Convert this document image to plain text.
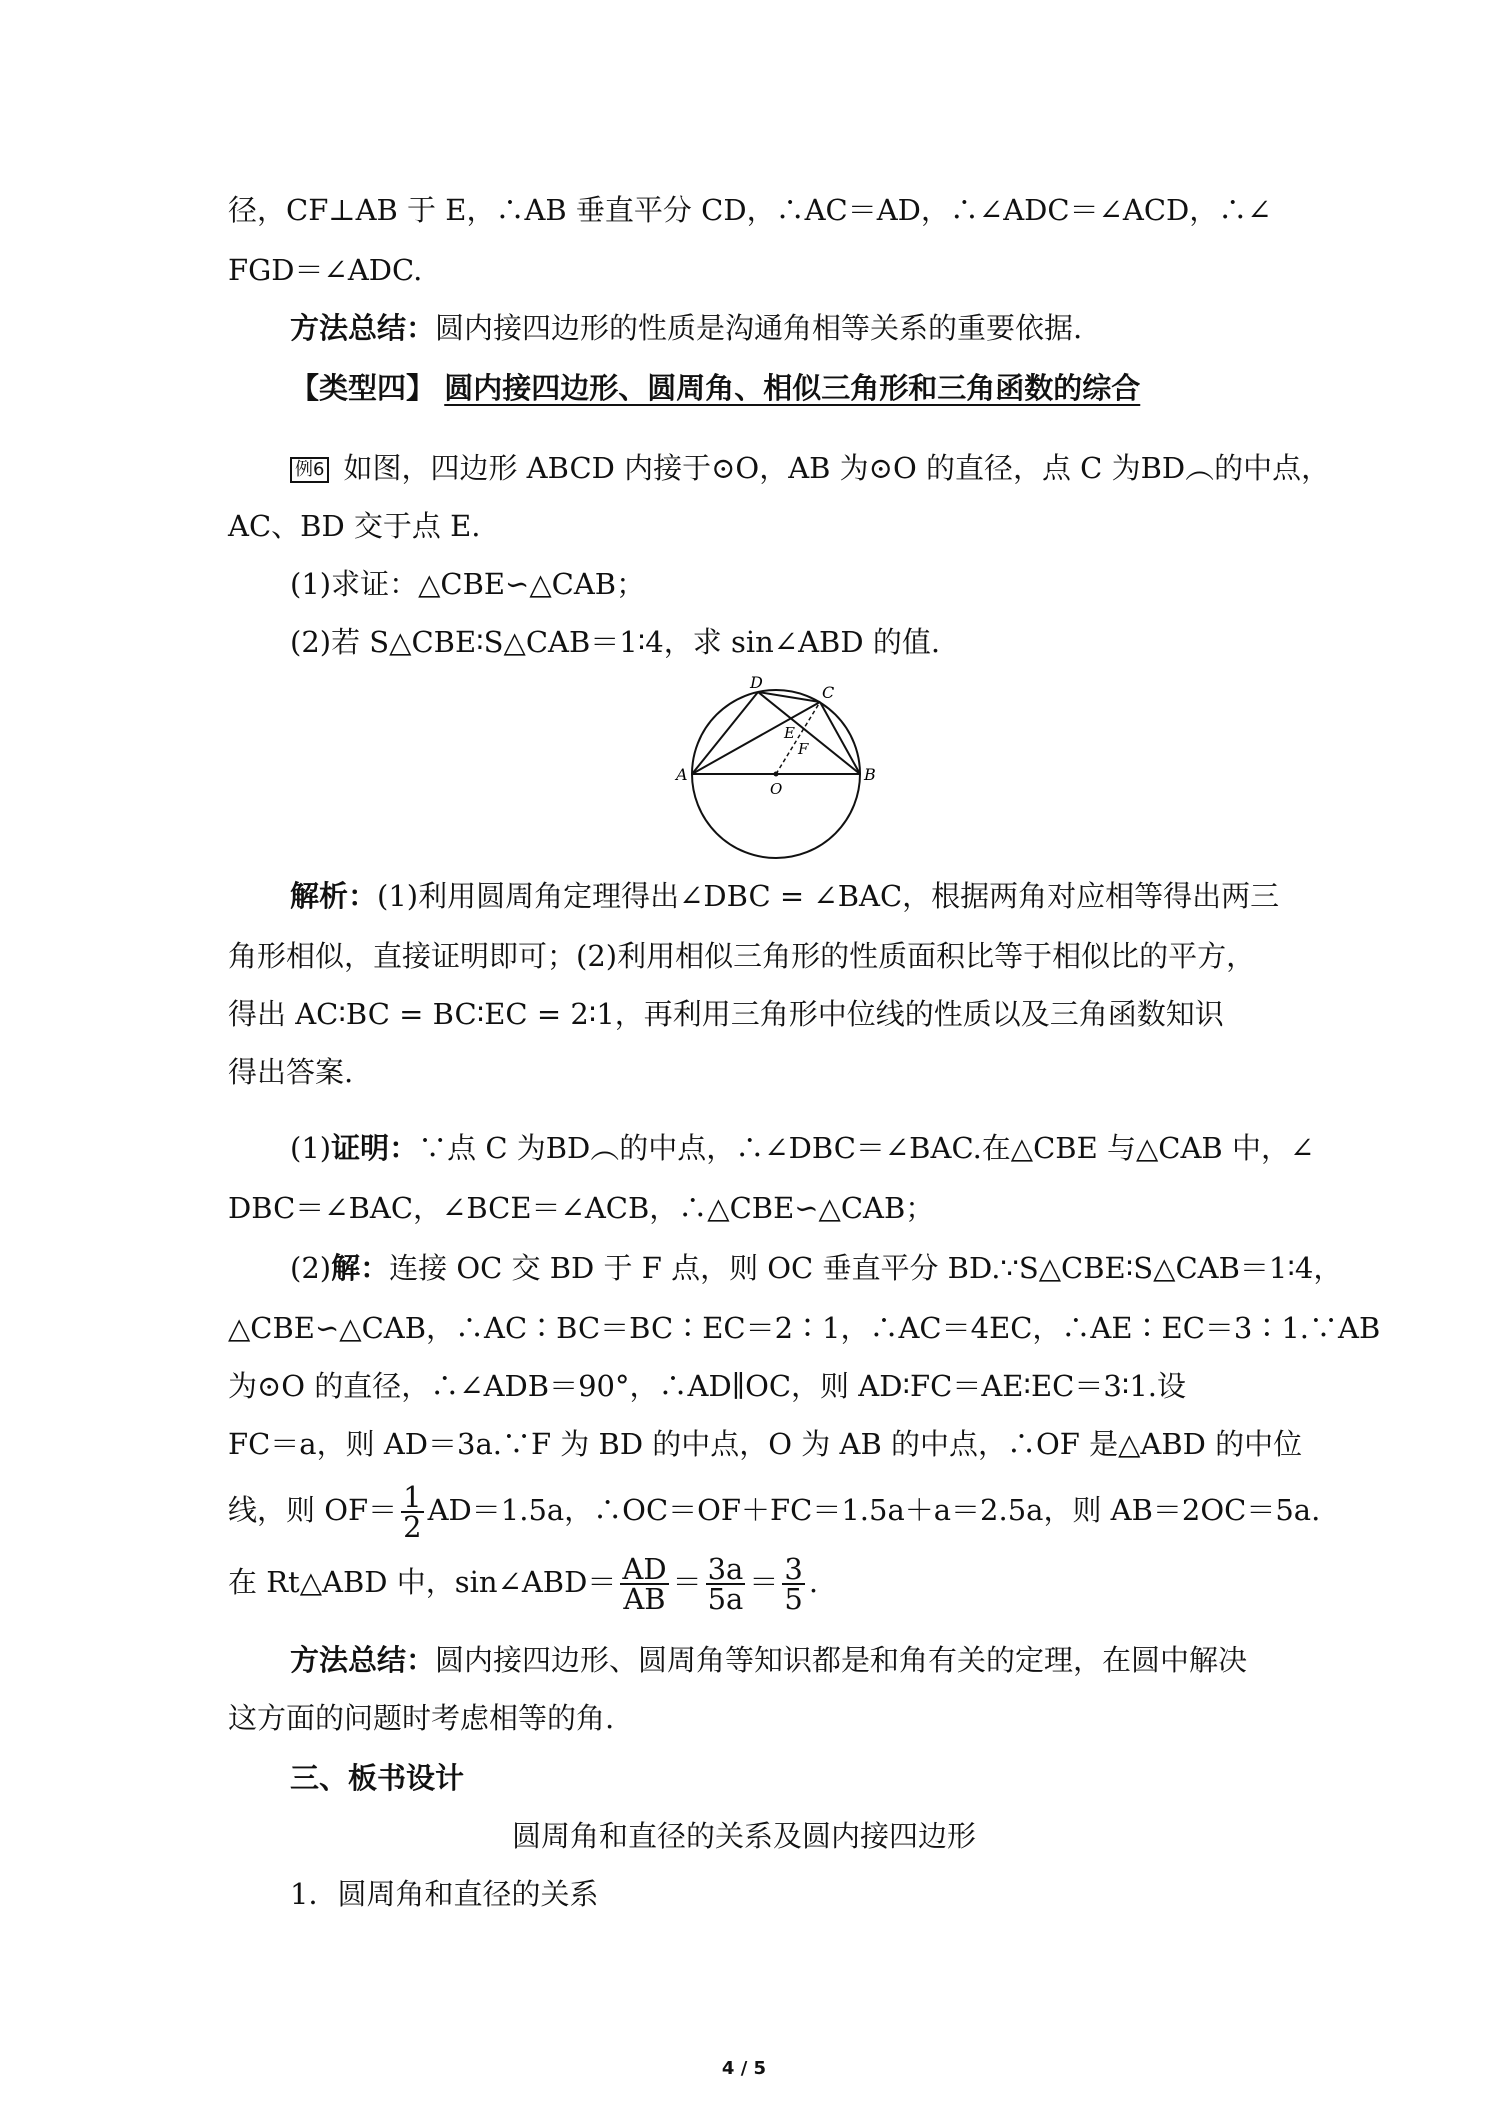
径，CF⊥AB 于 E，∴AB 垂直平分 CD，∴AC＝AD，∴∠ADC＝∠ACD，∴∠
FGD＝∠ADC.
方法总结：圆内接四边形的性质是沟通角相等关系的重要依据.
【类型四】 圆内接四边形、圆周角、相似三角形和三角函数的综合
例6 如图，四边形 ABCD 内接于⊙O，AB 为⊙O 的直径，点 C 为BD︵的中点，
AC、BD 交于点 E.
(1)求证：△CBE∽△CAB；
(2)若 S△CBE∶S△CAB＝1∶4，求 sin∠ABD 的值.
A	B
C
D
E
F
O
解析：(1)利用圆周角定理得出∠DBC = ∠BAC，根据两角对应相等得出两三
角形相似，直接证明即可；(2)利用相似三角形的性质面积比等于相似比的平方，
得出 AC∶BC = BC∶EC = 2∶1，再利用三角形中位线的性质以及三角函数知识
得出答案.
(1)证明：∵点 C 为BD︵的中点，∴∠DBC＝∠BAC.在△CBE 与△CAB 中，∠
DBC＝∠BAC，∠BCE＝∠ACB，∴△CBE∽△CAB；
(2)解：连接 OC 交 BD 于 F 点，则 OC 垂直平分 BD.∵S△CBE∶S△CAB＝1∶4，
△CBE∽△CAB，∴AC∶BC＝BC∶EC＝2∶1，∴AC＝4EC，∴AE∶EC＝3∶1.∵AB
为⊙O 的直径，∴∠ADB＝90°，∴AD∥OC，则 AD∶FC＝AE∶EC＝3∶1.设
FC＝a，则 AD＝3a.∵F 为 BD 的中点，O 为 AB 的中点，∴OF 是△ABD 的中位
线，则 $OF= \frac{1}{2} AD=1.5a$，∴OC＝OF＋FC＝1.5a＋a＝2.5a，则 AB＝2OC＝5a.
在 Rt△ABD 中，sin∠ABD＝ $\frac{AD}{AB} = \frac{3a}{5a} = \frac{3}{5}$ .
方法总结：圆内接四边形、圆周角等知识都是和角有关的定理，在圆中解决
这方面的问题时考虑相等的角.
三、板书设计
圆周角和直径的关系及圆内接四边形
1．圆周角和直径的关系
4 / 5
